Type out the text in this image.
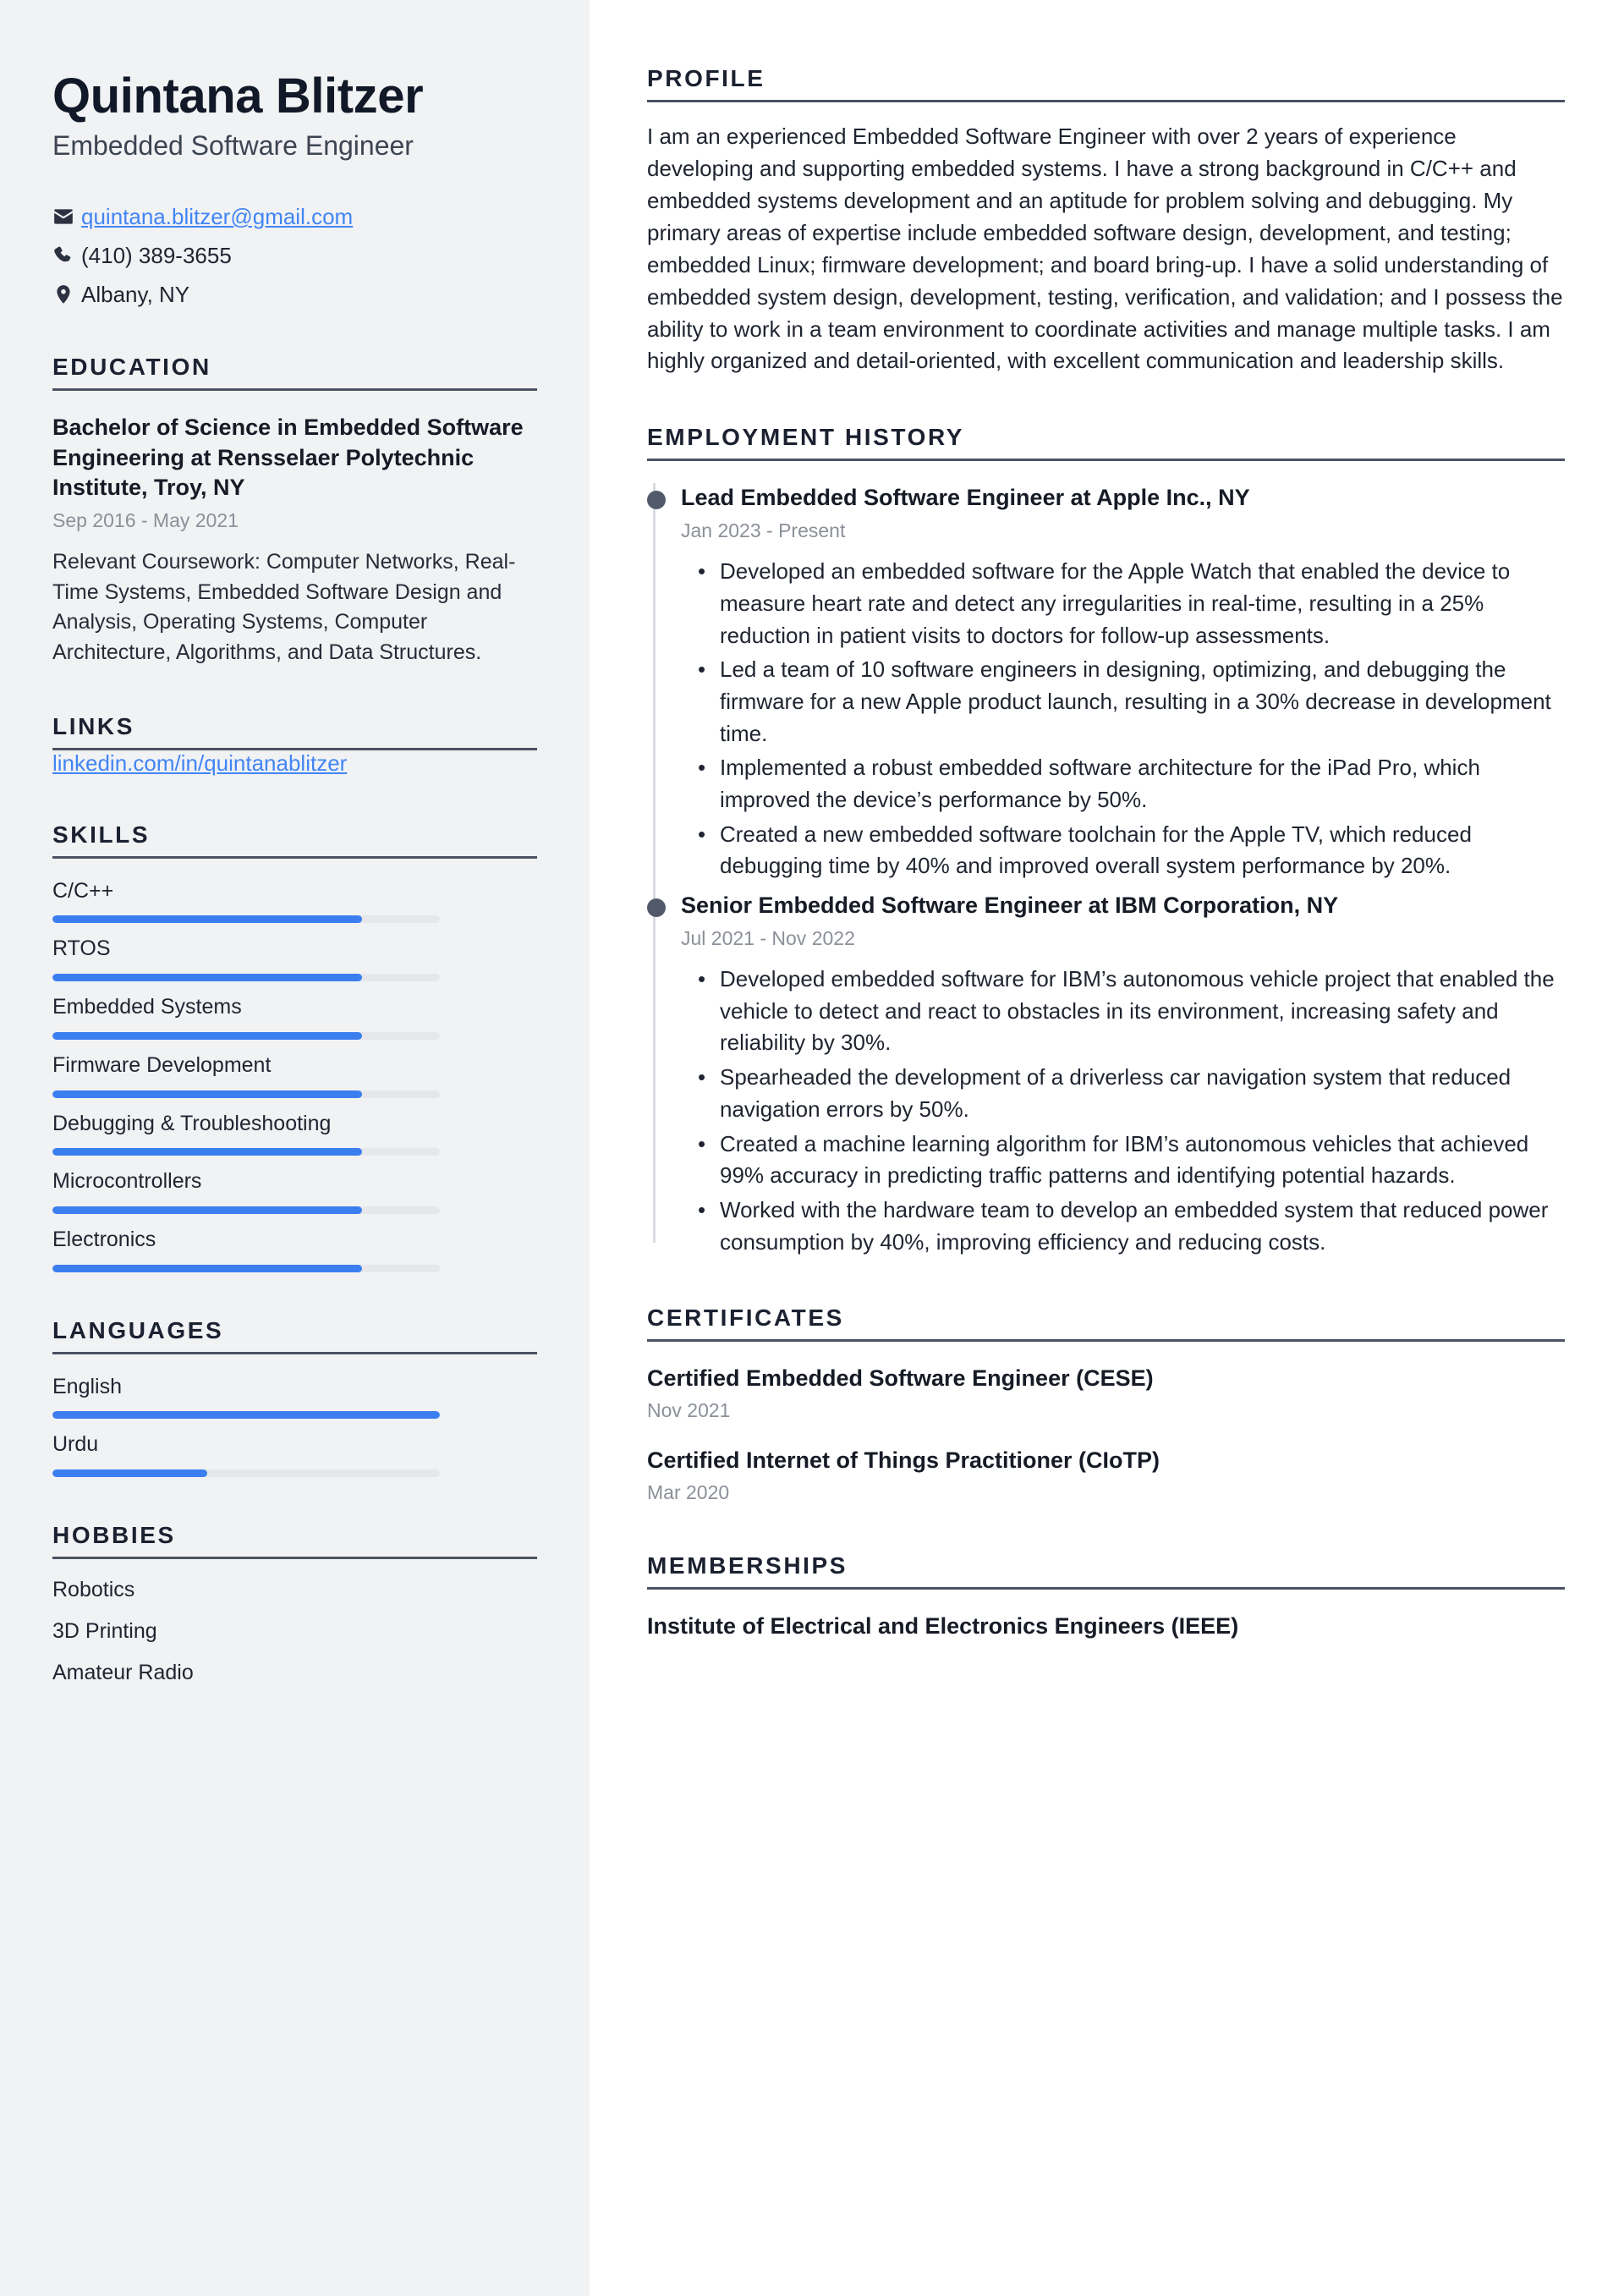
Quintana Blitzer
Embedded Software Engineer
quintana.blitzer@gmail.com
(410) 389-3655
Albany, NY
EDUCATION
Bachelor of Science in Embedded Software Engineering at Rensselaer Polytechnic Institute, Troy, NY
Sep 2016 - May 2021
Relevant Coursework: Computer Networks, Real-Time Systems, Embedded Software Design and Analysis, Operating Systems, Computer Architecture, Algorithms, and Data Structures.
LINKS
linkedin.com/in/quintanablitzer
SKILLS
C/C++
RTOS
Embedded Systems
Firmware Development
Debugging & Troubleshooting
Microcontrollers
Electronics
LANGUAGES
English
Urdu
HOBBIES
Robotics
3D Printing
Amateur Radio
PROFILE

I am an experienced Embedded Software Engineer with over 2 years of experience developing and supporting embedded systems. I have a strong background in C/C++ and embedded systems development and an aptitude for problem solving and debugging. My primary areas of expertise include embedded software design, development, and testing; embedded Linux; firmware development; and board bring-up. I have a solid understanding of embedded system design, development, testing, verification, and validation; and I possess the ability to work in a team environment to coordinate activities and manage multiple tasks. I am highly organized and detail-oriented, with excellent communication and leadership skills.

EMPLOYMENT HISTORY
Lead Embedded Software Engineer at Apple Inc., NY
Jan 2023 - Present
• Developed an embedded software for the Apple Watch that enabled the device to measure heart rate and detect any irregularities in real-time, resulting in a 25% reduction in patient visits to doctors for follow-up assessments.
• Led a team of 10 software engineers in designing, optimizing, and debugging the firmware for a new Apple product launch, resulting in a 30% decrease in development time.
• Implemented a robust embedded software architecture for the iPad Pro, which improved the device’s performance by 50%.
• Created a new embedded software toolchain for the Apple TV, which reduced debugging time by 40% and improved overall system performance by 20%.
Senior Embedded Software Engineer at IBM Corporation, NY
Jul 2021 - Nov 2022
• Developed embedded software for IBM’s autonomous vehicle project that enabled the vehicle to detect and react to obstacles in its environment, increasing safety and reliability by 30%.
• Spearheaded the development of a driverless car navigation system that reduced navigation errors by 50%.
• Created a machine learning algorithm for IBM’s autonomous vehicles that achieved 99% accuracy in predicting traffic patterns and identifying potential hazards.
• Worked with the hardware team to develop an embedded system that reduced power consumption by 40%, improving efficiency and reducing costs.
CERTIFICATES
Certified Embedded Software Engineer (CESE)
Nov 2021
Certified Internet of Things Practitioner (CIoTP)
Mar 2020
MEMBERSHIPS
Institute of Electrical and Electronics Engineers (IEEE)
